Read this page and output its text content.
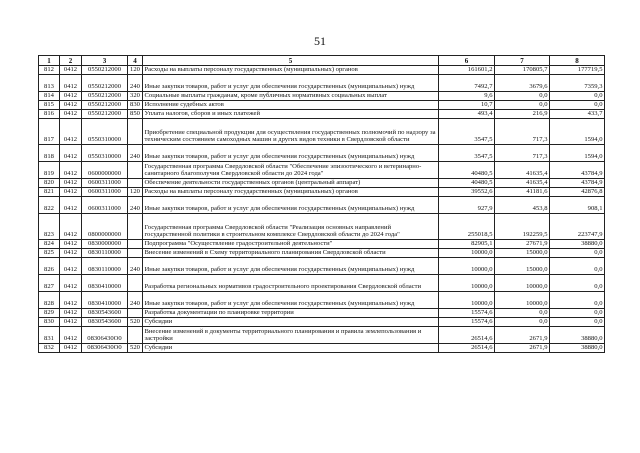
51
1	2	3	4	5	6	7	8
812	0412	0550212000	120	Расходы на выплаты персоналу государственных (муниципальных) органов	161601,2	170805,7	177719,5
813	0412	0550212000	240	Иные закупки товаров, работ и услуг для обеспечения государственных (муниципальных) нужд	7492,7	3679,6	7359,3
814	0412	0550212000	320	Социальные выплаты гражданам, кроме публичных нормативных социальных выплат	9,6	0,0	0,0
815	0412	0550212000	830	Исполнение судебных актов	10,7	0,0	0,0
816	0412	0550212000	850	Уплата налогов, сборов и иных платежей	493,4	216,9	433,7
817	0412	0550310000		Приобретение специальной продукции для осуществления государственных полномочий по надзору за техническим состоянием самоходных машин и других видов техники в Свердловской области	3547,5	717,3	1594,0
818	0412	0550310000	240	Иные закупки товаров, работ и услуг для обеспечения государственных (муниципальных) нужд	3547,5	717,3	1594,0
819	0412	0600000000		Государственная программа Свердловской области "Обеспечение эпизоотического и ветеринарно-санитарного благополучия Свердловской области до 2024 года"	40480,5	41635,4	43784,9
820	0412	0600311000		Обеспечение деятельности государственных органов (центральный аппарат)	40480,5	41635,4	43784,9
821	0412	0600311000	120	Расходы на выплаты персоналу государственных (муниципальных) органов	39552,6	41181,6	42876,8
822	0412	0600311000	240	Иные закупки товаров, работ и услуг для обеспечения государственных (муниципальных) нужд	927,9	453,8	908,1
823	0412	0800000000		Государственная программа Свердловской области "Реализация основных направлений государственной политики в строительном комплексе Свердловской области до 2024 года"	255018,5	192259,5	223747,9
824	0412	0830000000		Подпрограмма "Осуществление градостроительной деятельности"	82905,1	27671,9	38880,0
825	0412	0830110000		Внесение изменений в Схему территориального планирования Свердловской области	10000,0	15000,0	0,0
826	0412	0830110000	240	Иные закупки товаров, работ и услуг для обеспечения государственных (муниципальных) нужд	10000,0	15000,0	0,0
827	0412	0830410000		Разработка региональных нормативов градостроительного проектирования Свердловской области	10000,0	10000,0	0,0
828	0412	0830410000	240	Иные закупки товаров, работ и услуг для обеспечения государственных (муниципальных) нужд	10000,0	10000,0	0,0
829	0412	0830543600		Разработка документации по планировке территории	15574,6	0,0	0,0
830	0412	0830543600	520	Субсидии	15574,6	0,0	0,0
831	0412	08306430О0		Внесение изменений в документы территориального планирования и правила землепользования и застройки	26514,6	2671,9	38880,0
832	0412	08306430О0	520	Субсидии	26514,6	2671,9	38880,0
